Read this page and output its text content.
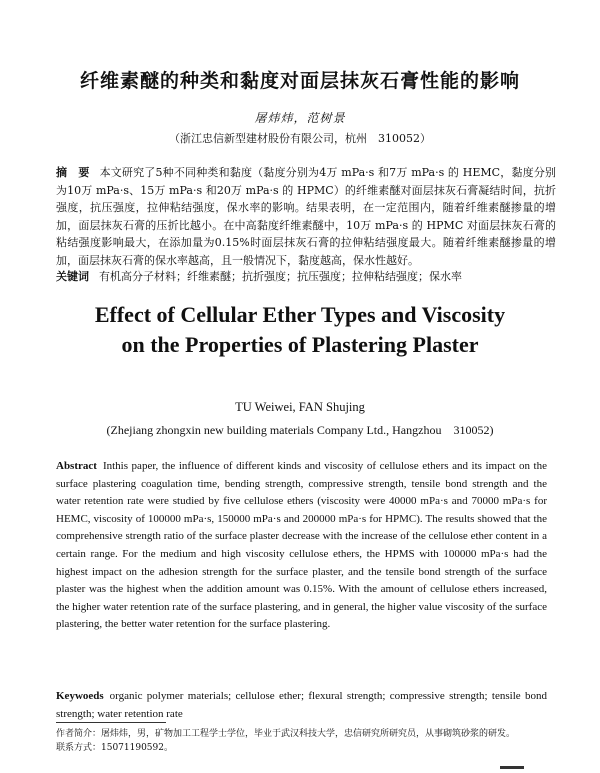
纤维素醚的种类和黏度对面层抹灰石膏性能的影响
屠炜炜，范树景
（浙江忠信新型建材股份有限公司，杭州　310052）
摘　要 本文研究了5种不同种类和黏度（黏度分别为4万 mPa·s 和7万 mPa·s 的 HEMC，黏度分别为10万 mPa·s、15万 mPa·s 和20万 mPa·s 的 HPMC）的纤维素醚对面层抹灰石膏凝结时间，抗折强度，抗压强度，拉伸粘结强度，保水率的影响。结果表明，在一定范围内，随着纤维素醚掺量的增加，面层抹灰石膏的压折比越小。在中高黏度纤维素醚中，10万 mPa·s 的 HPMC 对面层抹灰石膏的粘结强度影响最大，在添加量为0.15%时面层抹灰石膏的拉伸粘结强度最大。随着纤维素醚掺量的增加，面层抹灰石膏的保水率越高，且一般情况下，黏度越高，保水性越好。
关键词 有机高分子材料；纤维素醚；抗折强度；抗压强度；拉伸粘结强度；保水率
Effect of Cellular Ether Types and Viscosity
on the Properties of Plastering Plaster
TU Weiwei, FAN Shujing
(Zhejiang zhongxin new building materials Company Ltd., Hangzhou　310052)
Abstract Inthis paper, the influence of different kinds and viscosity of cellulose ethers and its impact on the surface plastering coagulation time, bending strength, compressive strength, tensile bond strength and the water retention rate were studied by five cellulose ethers (viscosity were 40000 mPa·s and 70000 mPa·s for HEMC, viscosity of 100000 mPa·s, 150000 mPa·s and 200000 mPa·s for HPMC). The results showed that the comprehensive strength ratio of the surface plaster decrease with the increase of the cellulose ether content in a certain range. For the medium and high viscosity cellulose ethers, the HPMS with 100000 mPa·s had the highest impact on the adhesion strength for the surface plaster, and the tensile bond strength of the surface plaster was the highest when the addition amount was 0.15%. With the amount of cellulose ethers increased, the higher water retention rate of the surface plastering, and in general, the higher value viscosity of the surface plastering, the better water retention for the surface plastering.
Keywoeds organic polymer materials; cellulose ether; flexural strength; compressive strength; tensile bond strength; water retention rate
作者简介：屠炜炜，男，矿物加工工程学士学位，毕业于武汉科技大学，忠信研究所研究员，从事砌筑砂浆的研发。
联系方式：15071190592。
